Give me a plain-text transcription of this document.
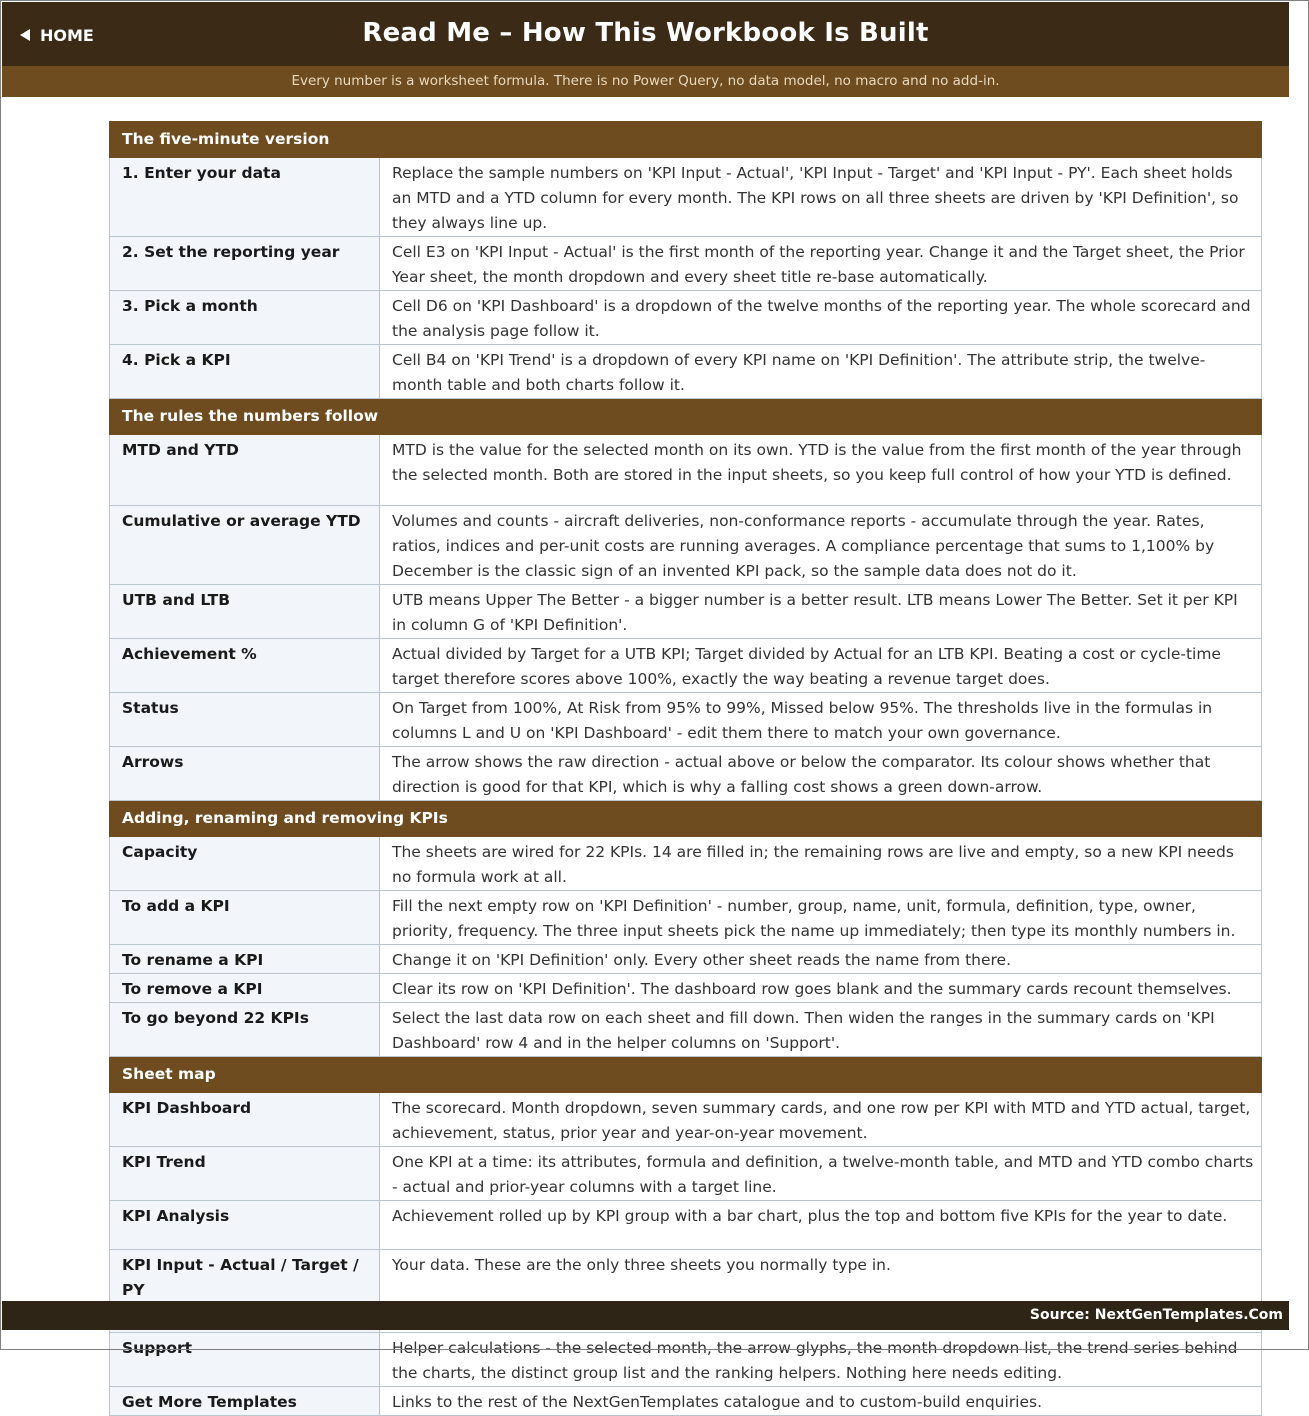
HOME	Read Me – How This Workbook Is Built
Every number is a worksheet formula. There is no Power Query, no data model, no macro and no add-in.
The five-minute version	
1. Enter your data	Replace the sample numbers on 'KPI Input - Actual', 'KPI Input - Target' and 'KPI Input - PY'. Each sheet holds an MTD and a YTD column for every month. The KPI rows on all three sheets are driven by 'KPI Definition', so they always line up.
2. Set the reporting year	Cell E3 on 'KPI Input - Actual' is the first month of the reporting year. Change it and the Target sheet, the Prior Year sheet, the month dropdown and every sheet title re-base automatically.
3. Pick a month	Cell D6 on 'KPI Dashboard' is a dropdown of the twelve months of the reporting year. The whole scorecard and the analysis page follow it.
4. Pick a KPI	Cell B4 on 'KPI Trend' is a dropdown of every KPI name on 'KPI Definition'. The attribute strip, the twelve-month table and both charts follow it.
The rules the numbers follow	
MTD and YTD	MTD is the value for the selected month on its own. YTD is the value from the first month of the year through the selected month. Both are stored in the input sheets, so you keep full control of how your YTD is defined.
Cumulative or average YTD	Volumes and counts - aircraft deliveries, non-conformance reports - accumulate through the year. Rates, ratios, indices and per-unit costs are running averages. A compliance percentage that sums to 1,100% by December is the classic sign of an invented KPI pack, so the sample data does not do it.
UTB and LTB	UTB means Upper The Better - a bigger number is a better result. LTB means Lower The Better. Set it per KPI in column G of 'KPI Definition'.
Achievement %	Actual divided by Target for a UTB KPI; Target divided by Actual for an LTB KPI. Beating a cost or cycle-time target therefore scores above 100%, exactly the way beating a revenue target does.
Status	On Target from 100%, At Risk from 95% to 99%, Missed below 95%. The thresholds live in the formulas in columns L and U on 'KPI Dashboard' - edit them there to match your own governance.
Arrows	The arrow shows the raw direction - actual above or below the comparator. Its colour shows whether that direction is good for that KPI, which is why a falling cost shows a green down-arrow.
Adding, renaming and removing KPIs	
Capacity	The sheets are wired for 22 KPIs. 14 are filled in; the remaining rows are live and empty, so a new KPI needs no formula work at all.
To add a KPI	Fill the next empty row on 'KPI Definition' - number, group, name, unit, formula, definition, type, owner, priority, frequency. The three input sheets pick the name up immediately; then type its monthly numbers in.
To rename a KPI	Change it on 'KPI Definition' only. Every other sheet reads the name from there.
To remove a KPI	Clear its row on 'KPI Definition'. The dashboard row goes blank and the summary cards recount themselves.
To go beyond 22 KPIs	Select the last data row on each sheet and fill down. Then widen the ranges in the summary cards on 'KPI Dashboard' row 4 and in the helper columns on 'Support'.
Sheet map	
KPI Dashboard	The scorecard. Month dropdown, seven summary cards, and one row per KPI with MTD and YTD actual, target, achievement, status, prior year and year-on-year movement.
KPI Trend	One KPI at a time: its attributes, formula and definition, a twelve-month table, and MTD and YTD combo charts - actual and prior-year columns with a target line.
KPI Analysis	Achievement rolled up by KPI group with a bar chart, plus the top and bottom five KPIs for the year to date.
KPI Input - Actual / Target / PY	Your data. These are the only three sheets you normally type in.

Support	Helper calculations - the selected month, the arrow glyphs, the month dropdown list, the trend series behind the charts, the distinct group list and the ranking helpers. Nothing here needs editing.
Get More Templates	Links to the rest of the NextGenTemplates catalogue and to custom-build enquiries.
Source: NextGenTemplates.Com
